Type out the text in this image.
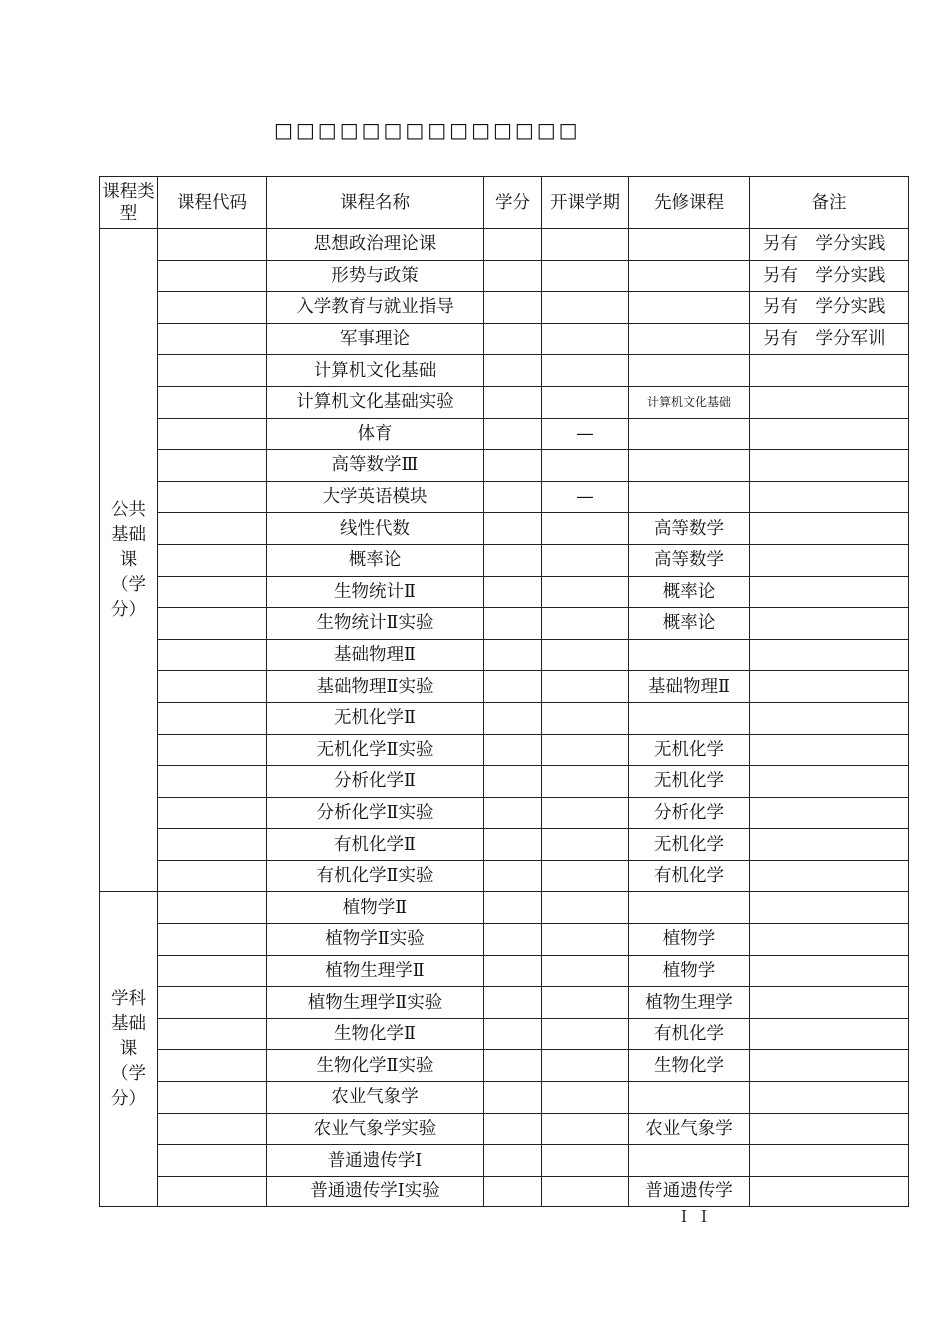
□□□□□□□□□□□□□□
课程类型	课程代码	课程名称	学分	开课学期	先修课程	备注
公共基础课（学分）		思想政治理论课				另有　学分实践
		形势与政策				另有　学分实践
		入学教育与就业指导				另有　学分实践
		军事理论				另有　学分军训
		计算机文化基础				
		计算机文化基础实验			计算机文化基础	
		体育		—		
		高等数学Ⅲ				
		大学英语模块		—		
		线性代数			高等数学	
		概率论			高等数学	
		生物统计Ⅱ			概率论	
		生物统计Ⅱ实验			概率论	
		基础物理Ⅱ				
		基础物理Ⅱ实验			基础物理Ⅱ	
		无机化学Ⅱ				
		无机化学Ⅱ实验			无机化学	
		分析化学Ⅱ			无机化学	
		分析化学Ⅱ实验			分析化学	
		有机化学Ⅱ			无机化学	
		有机化学Ⅱ实验			有机化学	
学科基础课（学分）		植物学Ⅱ				
		植物学Ⅱ实验			植物学	
		植物生理学Ⅱ			植物学	
		植物生理学Ⅱ实验			植物生理学	
		生物化学Ⅱ			有机化学	
		生物化学Ⅱ实验			生物化学	
		农业气象学				
		农业气象学实验			农业气象学	
		普通遗传学Ⅰ				
		普通遗传学Ⅰ实验			普通遗传学	
ＩＩ
